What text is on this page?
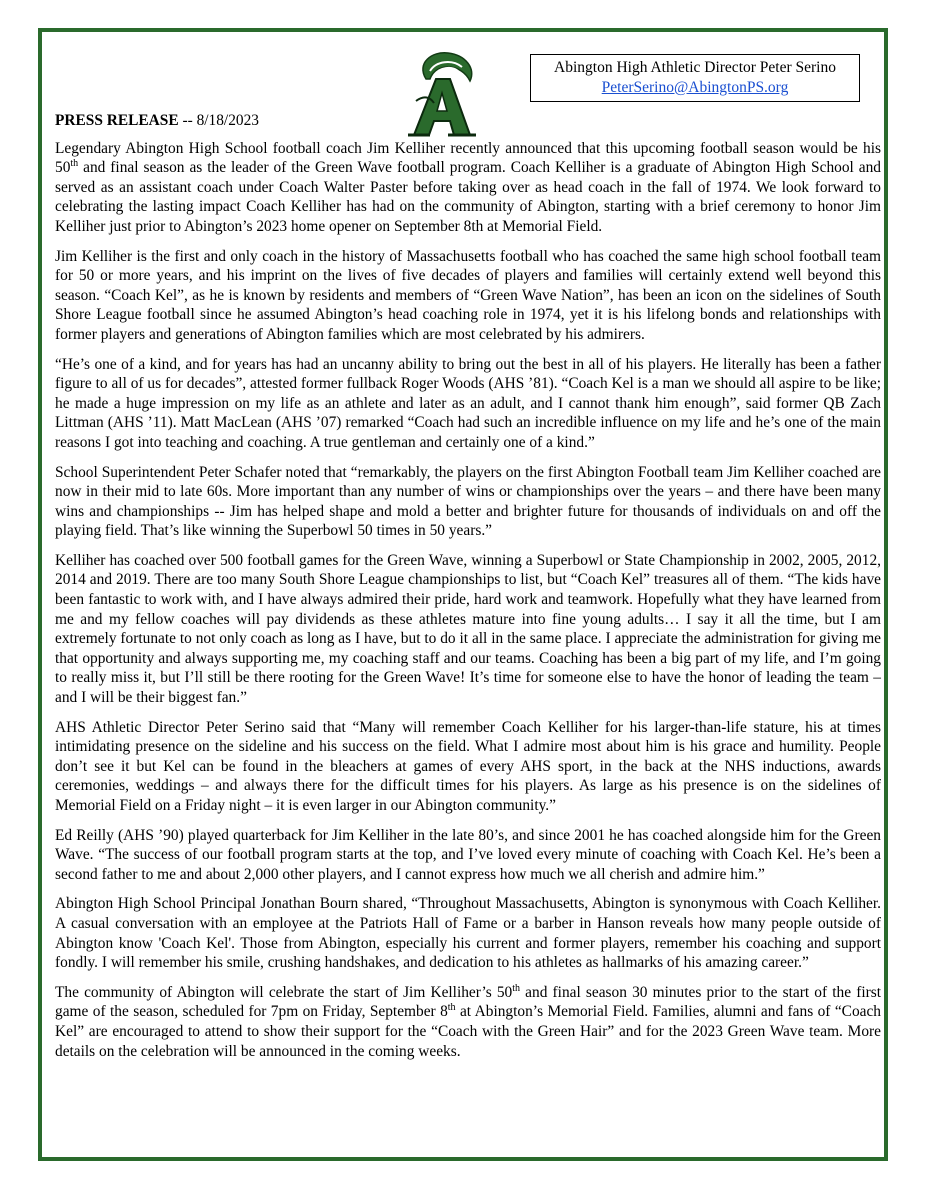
Abington High Athletic Director Peter Serino
PeterSerino@AbingtonPS.org

PRESS RELEASE -- 8/18/2023

Legendary Abington High School football coach Jim Kelliher recently announced that this upcoming football season would be his 50th and final season as the leader of the Green Wave football program. Coach Kelliher is a graduate of Abington High School and served as an assistant coach under Coach Walter Paster before taking over as head coach in the fall of 1974. We look forward to celebrating the lasting impact Coach Kelliher has had on the community of Abington, starting with a brief ceremony to honor Jim Kelliher just prior to Abington’s 2023 home opener on September 8th at Memorial Field.

Jim Kelliher is the first and only coach in the history of Massachusetts football who has coached the same high school football team for 50 or more years, and his imprint on the lives of five decades of players and families will certainly extend well beyond this season. “Coach Kel”, as he is known by residents and members of “Green Wave Nation”, has been an icon on the sidelines of South Shore League football since he assumed Abington’s head coaching role in 1974, yet it is his lifelong bonds and relationships with former players and generations of Abington families which are most celebrated by his admirers.

“He’s one of a kind, and for years has had an uncanny ability to bring out the best in all of his players. He literally has been a father figure to all of us for decades”, attested former fullback Roger Woods (AHS ’81). “Coach Kel is a man we should all aspire to be like; he made a huge impression on my life as an athlete and later as an adult, and I cannot thank him enough”, said former QB Zach Littman (AHS ’11). Matt MacLean (AHS ’07) remarked “Coach had such an incredible influence on my life and he’s one of the main reasons I got into teaching and coaching. A true gentleman and certainly one of a kind.”

School Superintendent Peter Schafer noted that “remarkably, the players on the first Abington Football team Jim Kelliher coached are now in their mid to late 60s. More important than any number of wins or championships over the years – and there have been many wins and championships -- Jim has helped shape and mold a better and brighter future for thousands of individuals on and off the playing field. That’s like winning the Superbowl 50 times in 50 years.”

Kelliher has coached over 500 football games for the Green Wave, winning a Superbowl or State Championship in 2002, 2005, 2012, 2014 and 2019. There are too many South Shore League championships to list, but “Coach Kel” treasures all of them. “The kids have been fantastic to work with, and I have always admired their pride, hard work and teamwork. Hopefully what they have learned from me and my fellow coaches will pay dividends as these athletes mature into fine young adults… I say it all the time, but I am extremely fortunate to not only coach as long as I have, but to do it all in the same place. I appreciate the administration for giving me that opportunity and always supporting me, my coaching staff and our teams. Coaching has been a big part of my life, and I’m going to really miss it, but I’ll still be there rooting for the Green Wave! It’s time for someone else to have the honor of leading the team – and I will be their biggest fan.”

AHS Athletic Director Peter Serino said that “Many will remember Coach Kelliher for his larger-than-life stature, his at times intimidating presence on the sideline and his success on the field. What I admire most about him is his grace and humility. People don’t see it but Kel can be found in the bleachers at games of every AHS sport, in the back at the NHS inductions, awards ceremonies, weddings – and always there for the difficult times for his players. As large as his presence is on the sidelines of Memorial Field on a Friday night – it is even larger in our Abington community.”

Ed Reilly (AHS ’90) played quarterback for Jim Kelliher in the late 80’s, and since 2001 he has coached alongside him for the Green Wave. “The success of our football program starts at the top, and I’ve loved every minute of coaching with Coach Kel. He’s been a second father to me and about 2,000 other players, and I cannot express how much we all cherish and admire him.”

Abington High School Principal Jonathan Bourn shared, “Throughout Massachusetts, Abington is synonymous with Coach Kelliher. A casual conversation with an employee at the Patriots Hall of Fame or a barber in Hanson reveals how many people outside of Abington know 'Coach Kel'. Those from Abington, especially his current and former players, remember his coaching and support fondly. I will remember his smile, crushing handshakes, and dedication to his athletes as hallmarks of his amazing career.”

The community of Abington will celebrate the start of Jim Kelliher’s 50th and final season 30 minutes prior to the start of the first game of the season, scheduled for 7pm on Friday, September 8th at Abington’s Memorial Field. Families, alumni and fans of “Coach Kel” are encouraged to attend to show their support for the “Coach with the Green Hair” and for the 2023 Green Wave team. More details on the celebration will be announced in the coming weeks.
